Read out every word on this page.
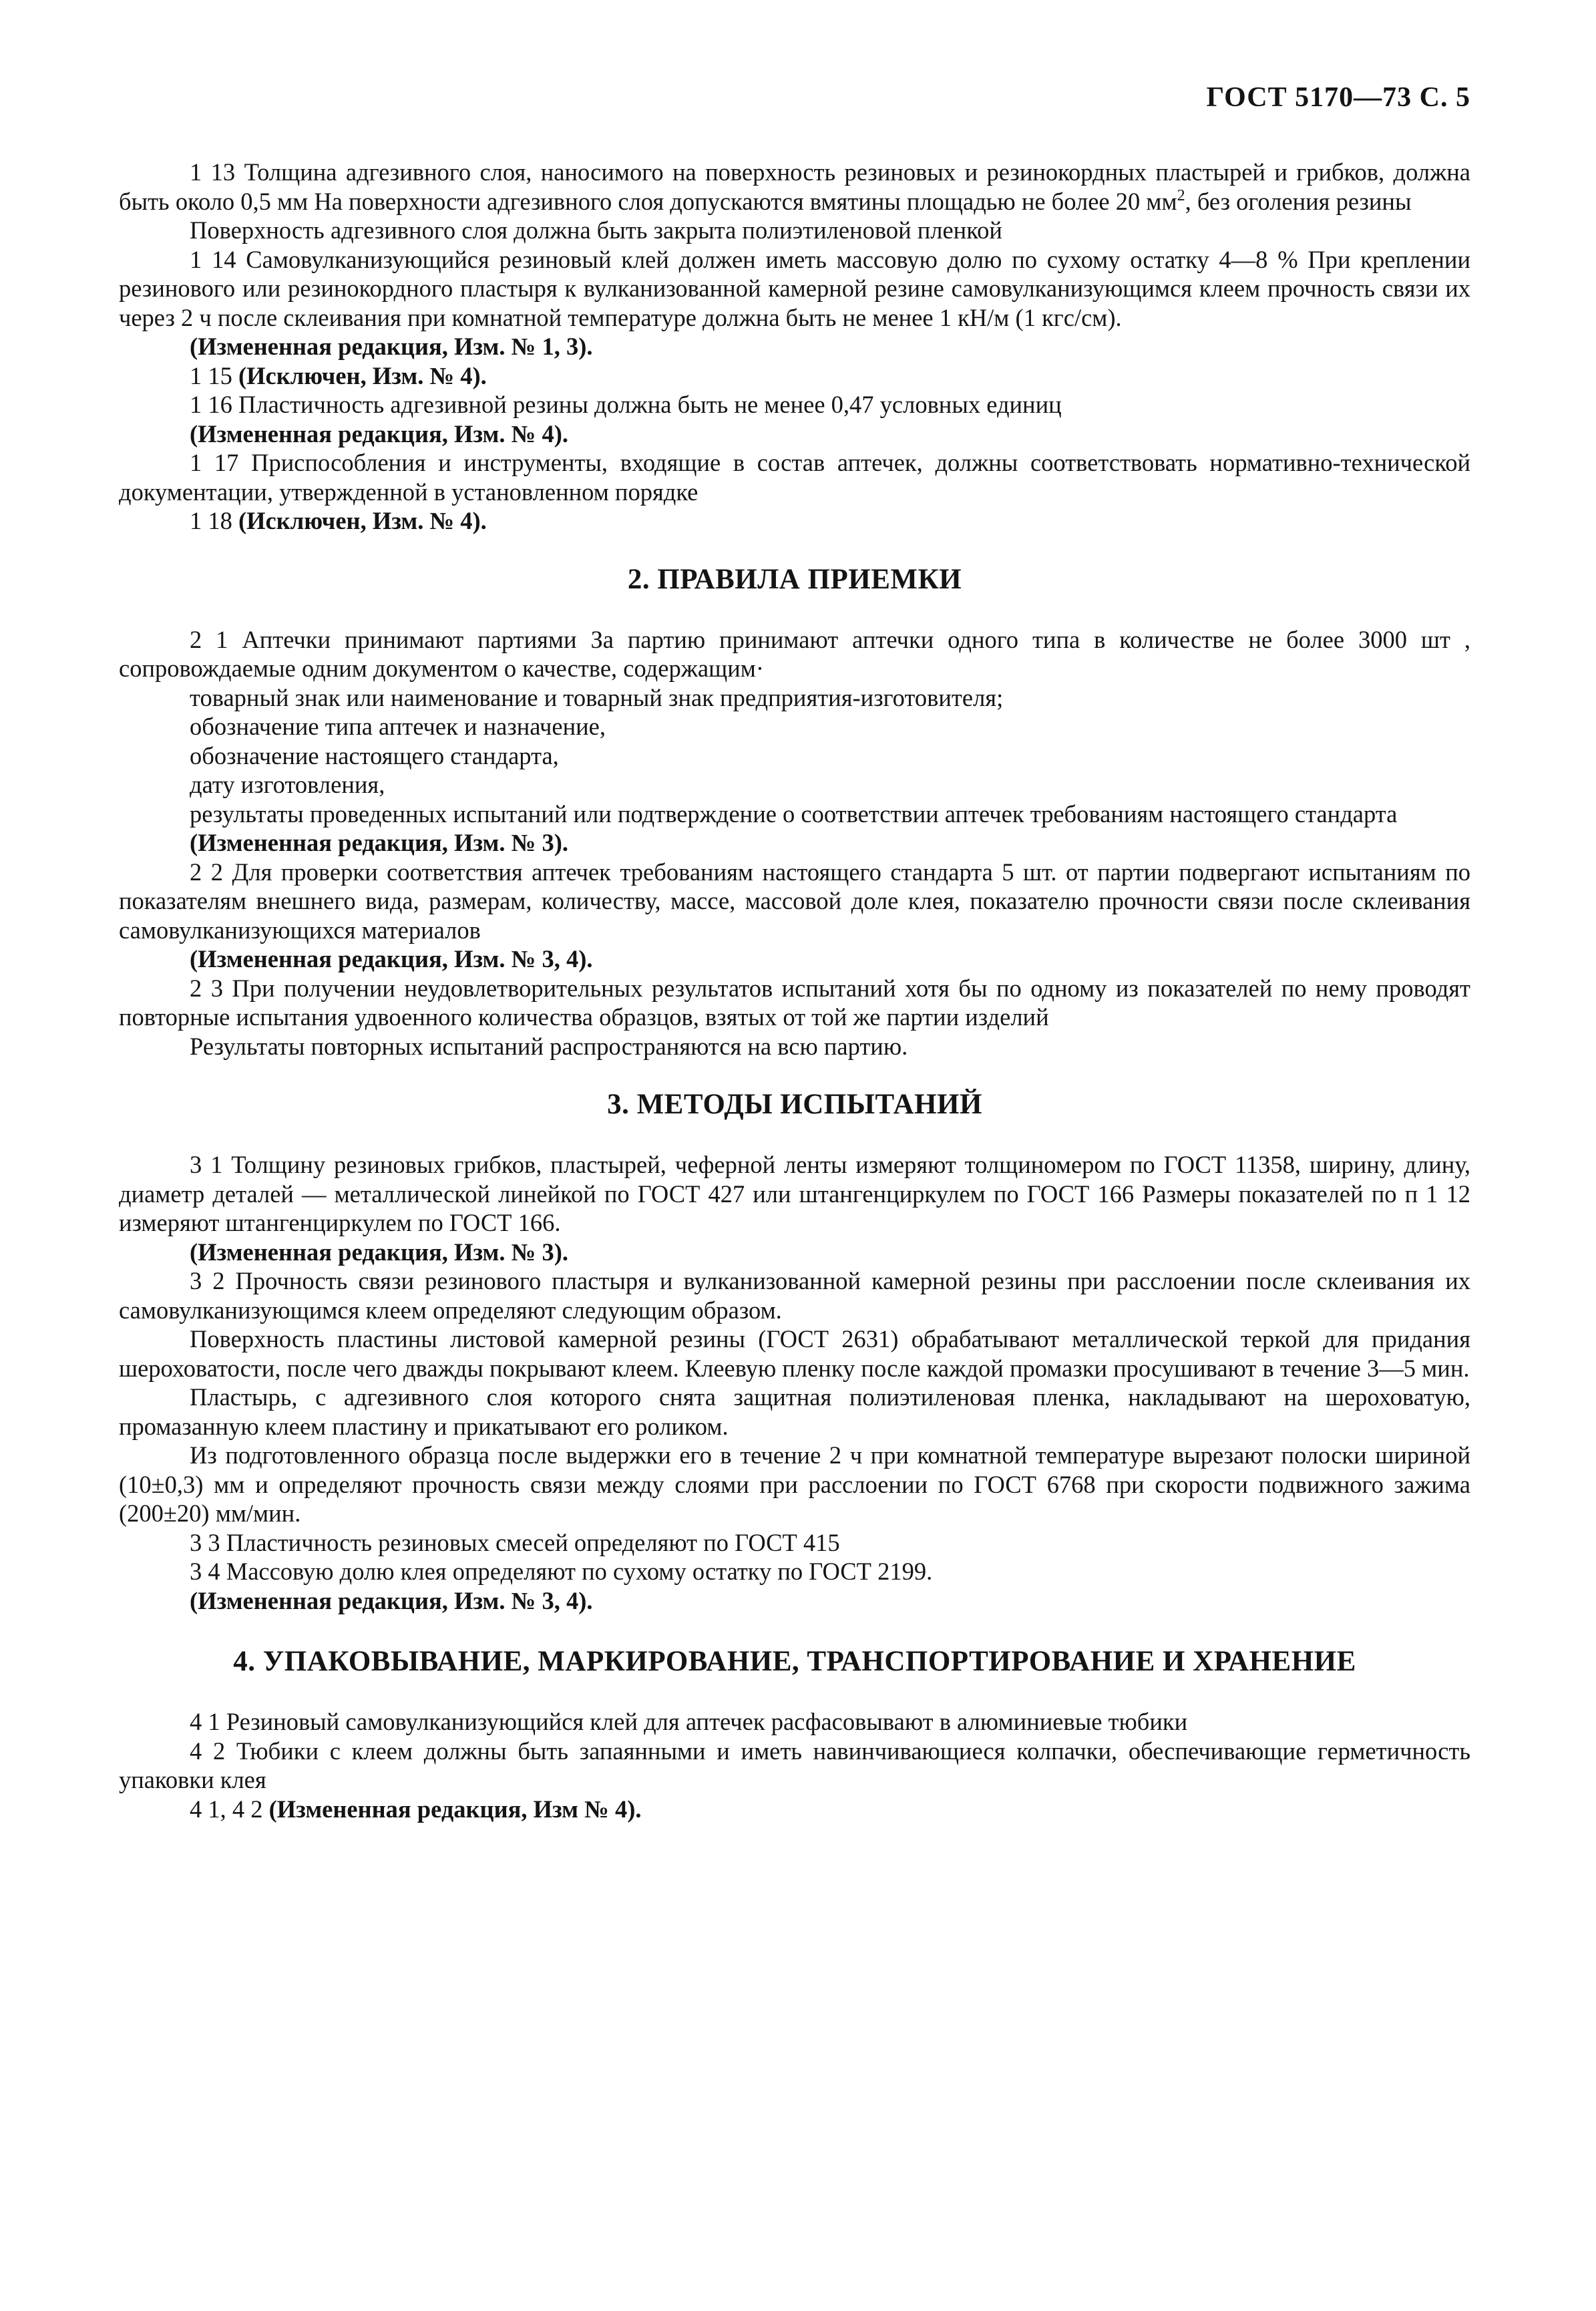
ГОСТ 5170—73 С. 5

1 13 Толщина адгезивного слоя, наносимого на поверхность резиновых и резинокордных пластырей и грибков, должна быть около 0,5 мм На поверхности адгезивного слоя допускаются вмятины площадью не более 20 $мм^2$, без оголения резины

Поверхность адгезивного слоя должна быть закрыта полиэтиленовой пленкой

1 14 Самовулканизующийся резиновый клей должен иметь массовую долю по сухому остатку 4—8 % При креплении резинового или резинокордного пластыря к вулканизованной камерной резине самовулканизующимся клеем прочность связи их через 2 ч после склеивания при комнатной температуре должна быть не менее 1 кН/м (1 кгс/см).

(Измененная редакция, Изм. № 1, 3).

1 15 (Исключен, Изм. № 4).

1 16 Пластичность адгезивной резины должна быть не менее 0,47 условных единиц

(Измененная редакция, Изм. № 4).

1 17 Приспособления и инструменты, входящие в состав аптечек, должны соответствовать нормативно-технической документации, утвержденной в установленном порядке

1 18 (Исключен, Изм. № 4).

2. ПРАВИЛА ПРИЕМКИ

2 1 Аптечки принимают партиями За партию принимают аптечки одного типа в количестве не более 3000 шт , сопровождаемые одним документом о качестве, содержащим·

товарный знак или наименование и товарный знак предприятия-изготовителя;

обозначение типа аптечек и назначение,

обозначение настоящего стандарта,

дату изготовления,

результаты проведенных испытаний или подтверждение о соответствии аптечек требованиям настоящего стандарта

(Измененная редакция, Изм. № 3).

2 2 Для проверки соответствия аптечек требованиям настоящего стандарта 5 шт. от партии подвергают испытаниям по показателям внешнего вида, размерам, количеству, массе, массовой доле клея, показателю прочности связи после склеивания самовулканизующихся материалов

(Измененная редакция, Изм. № 3, 4).

2 3 При получении неудовлетворительных результатов испытаний хотя бы по одному из показателей по нему проводят повторные испытания удвоенного количества образцов, взятых от той же партии изделий

Результаты повторных испытаний распространяются на всю партию.

3. МЕТОДЫ ИСПЫТАНИЙ

3 1 Толщину резиновых грибков, пластырей, чеферной ленты измеряют толщиномером по ГОСТ 11358, ширину, длину, диаметр деталей — металлической линейкой по ГОСТ 427 или штангенциркулем по ГОСТ 166 Размеры показателей по п 1 12 измеряют штангенциркулем по ГОСТ 166.

(Измененная редакция, Изм. № 3).

3 2 Прочность связи резинового пластыря и вулканизованной камерной резины при расслоении после склеивания их самовулканизующимся клеем определяют следующим образом.

Поверхность пластины листовой камерной резины (ГОСТ 2631) обрабатывают металлической теркой для придания шероховатости, после чего дважды покрывают клеем. Клеевую пленку после каждой промазки просушивают в течение 3—5 мин.

Пластырь, с адгезивного слоя которого снята защитная полиэтиленовая пленка, накладывают на шероховатую, промазанную клеем пластину и прикатывают его роликом.

Из подготовленного образца после выдержки его в течение 2 ч при комнатной температуре вырезают полоски шириной (10±0,3) мм и определяют прочность связи между слоями при расслоении по ГОСТ 6768 при скорости подвижного зажима (200±20) мм/мин.

3 3 Пластичность резиновых смесей определяют по ГОСТ 415

3 4 Массовую долю клея определяют по сухому остатку по ГОСТ 2199.

(Измененная редакция, Изм. № 3, 4).

4. УПАКОВЫВАНИЕ, МАРКИРОВАНИЕ, ТРАНСПОРТИРОВАНИЕ И ХРАНЕНИЕ

4 1 Резиновый самовулканизующийся клей для аптечек расфасовывают в алюминиевые тюбики

4 2 Тюбики с клеем должны быть запаянными и иметь навинчивающиеся колпачки, обеспечивающие герметичность упаковки клея

4 1, 4 2 (Измененная редакция, Изм № 4).
